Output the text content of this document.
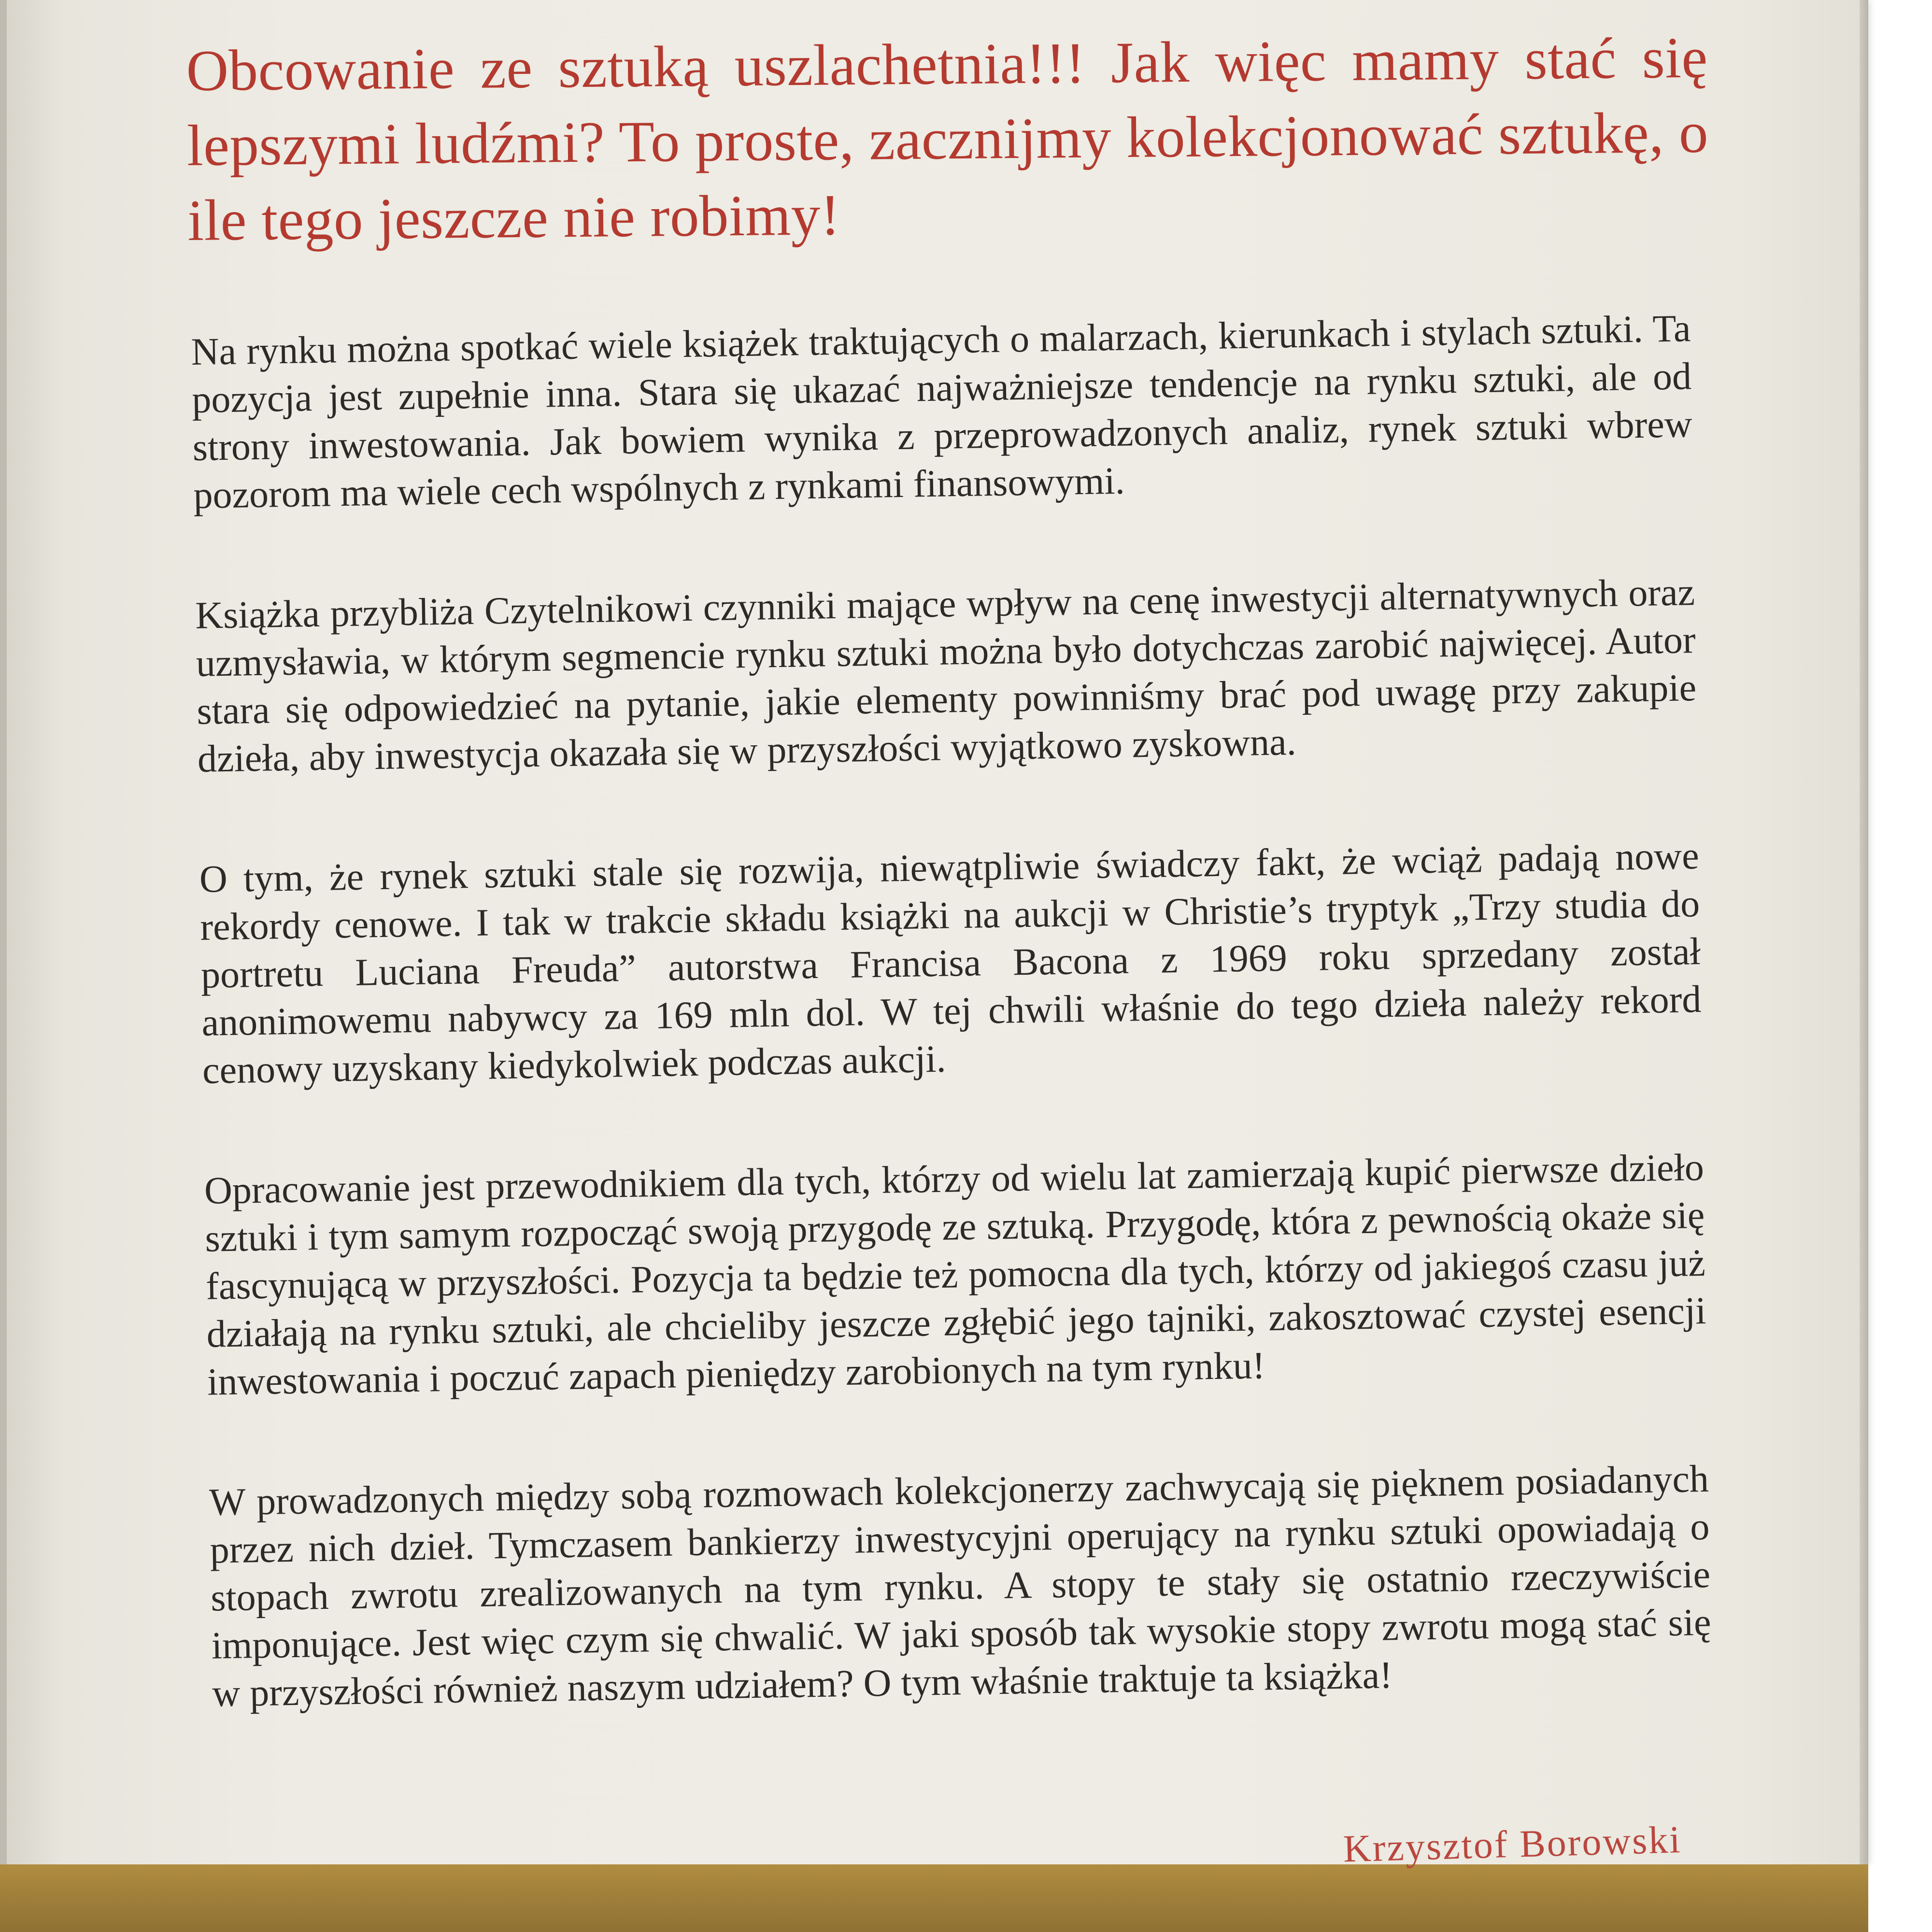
Obcowanie ze sztuką uszlachetnia!!! Jak więc mamy stać się lepszymi ludźmi? To proste, zacznijmy kolekcjonować sztukę, o ile tego jeszcze nie robimy!

Na rynku można spotkać wiele książek traktujących o malarzach, kierunkach i stylach sztuki. Ta pozycja jest zupełnie inna. Stara się ukazać najważniejsze tendencje na rynku sztuki, ale od strony inwestowania. Jak bowiem wynika z przeprowadzonych analiz, rynek sztuki wbrew pozorom ma wiele cech wspólnych z rynkami finansowymi.

Książka przybliża Czytelnikowi czynniki mające wpływ na cenę inwestycji alternatywnych oraz uzmysławia, w którym segmencie rynku sztuki można było dotychczas zarobić najwięcej. Autor stara się odpowiedzieć na pytanie, jakie elementy powinniśmy brać pod uwagę przy zakupie dzieła, aby inwestycja okazała się w przyszłości wyjątkowo zyskowna.

O tym, że rynek sztuki stale się rozwija, niewątpliwie świadczy fakt, że wciąż padają nowe rekordy cenowe. I tak w trakcie składu książki na aukcji w Christie’s tryptyk „Trzy studia do portretu Luciana Freuda” autorstwa Francisa Bacona z 1969 roku sprzedany został anonimowemu nabywcy za 169 mln dol. W tej chwili właśnie do tego dzieła należy rekord cenowy uzyskany kiedykolwiek podczas aukcji.

Opracowanie jest przewodnikiem dla tych, którzy od wielu lat zamierzają kupić pierwsze dzieło sztuki i tym samym rozpocząć swoją przygodę ze sztuką. Przygodę, która z pewnością okaże się fascynującą w przyszłości. Pozycja ta będzie też pomocna dla tych, którzy od jakiegoś czasu już działają na rynku sztuki, ale chcieliby jeszcze zgłębić jego tajniki, zakosztować czystej esencji inwestowania i poczuć zapach pieniędzy zarobionych na tym rynku!

W prowadzonych między sobą rozmowach kolekcjonerzy zachwycają się pięknem posiadanych przez nich dzieł. Tymczasem bankierzy inwestycyjni operujący na rynku sztuki opowiadają o stopach zwrotu zrealizowanych na tym rynku. A stopy te stały się ostatnio rzeczywiście imponujące. Jest więc czym się chwalić. W jaki sposób tak wysokie stopy zwrotu mogą stać się w przyszłości również naszym udziałem? O tym właśnie traktuje ta książka!

Krzysztof Borowski
